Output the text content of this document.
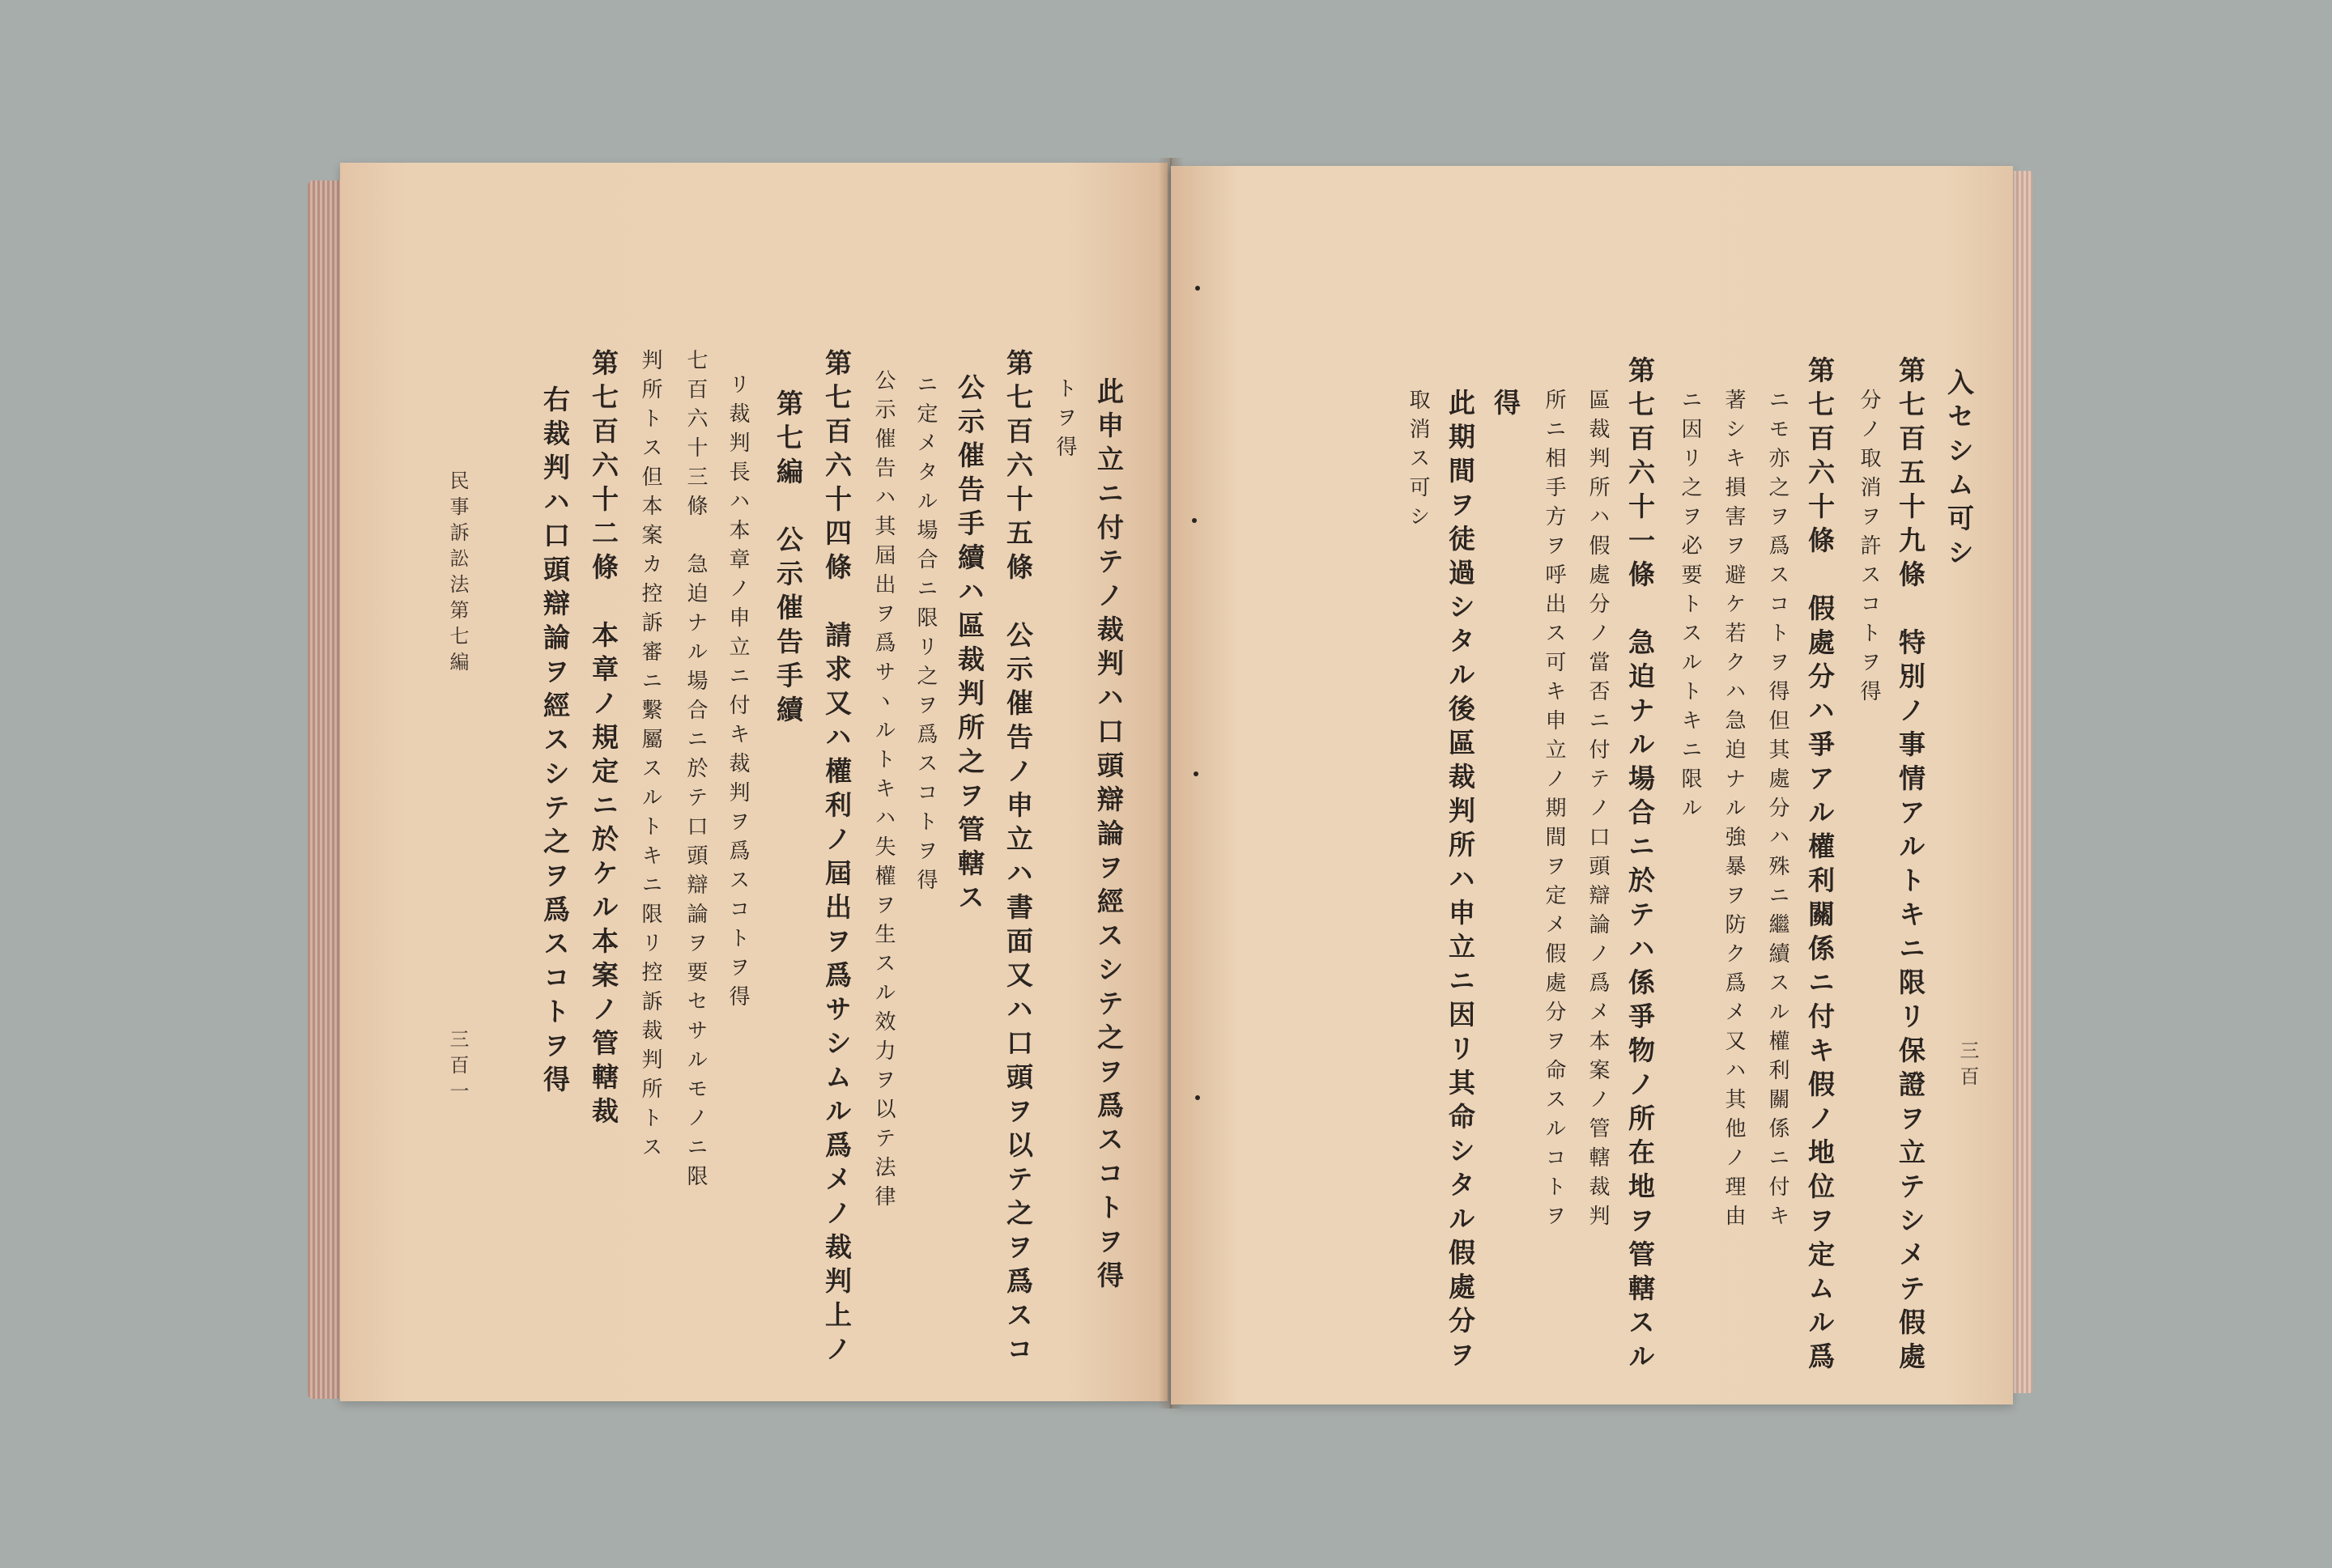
右裁判ハ口頭辯論ヲ經スシテ之ヲ爲スコトヲ得 第七百六十二條　本章ノ規定ニ於ケル本案ノ管轄裁 判所トス但本案カ控訴審ニ繫屬スルトキニ限リ控訴裁判所トス 七百六十三條　急迫ナル場合ニ於テ口頭辯論ヲ要セサルモノニ限 リ裁判長ハ本章ノ申立ニ付キ裁判ヲ爲スコトヲ得 第七編　公示催告手續 第七百六十四條　請求又ハ權利ノ屆出ヲ爲サシムル爲メノ裁判上ノ 公示催告ハ其屆出ヲ爲サヽルトキハ失權ヲ生スル效力ヲ以テ法律 ニ定メタル場合ニ限リ之ヲ爲スコトヲ得 公示催告手續ハ區裁判所之ヲ管轄ス 第七百六十五條　公示催告ノ申立ハ書面又ハ口頭ヲ以テ之ヲ爲スコ トヲ得 此申立ニ付テノ裁判ハ口頭辯論ヲ經スシテ之ヲ爲スコトヲ得
民事訴訟法第七編
三百一
入セシム可シ
第七百五十九條　特別ノ事情アルトキニ限リ保證ヲ立テシメテ假處
分ノ取消ヲ許スコトヲ得
第七百六十條　假處分ハ爭アル權利關係ニ付キ假ノ地位ヲ定ムル爲
ニモ亦之ヲ爲スコトヲ得但其處分ハ殊ニ繼續スル權利關係ニ付キ
著シキ損害ヲ避ケ若クハ急迫ナル強暴ヲ防ク爲メ又ハ其他ノ理由
ニ因リ之ヲ必要トスルトキニ限ル
第七百六十一條　急迫ナル場合ニ於テハ係爭物ノ所在地ヲ管轄スル
區裁判所ハ假處分ノ當否ニ付テノ口頭辯論ノ爲メ本案ノ管轄裁判
所ニ相手方ヲ呼出ス可キ申立ノ期間ヲ定メ假處分ヲ命スルコトヲ
得
此期間ヲ徒過シタル後區裁判所ハ申立ニ因リ其命シタル假處分ヲ
取消ス可シ
三百
